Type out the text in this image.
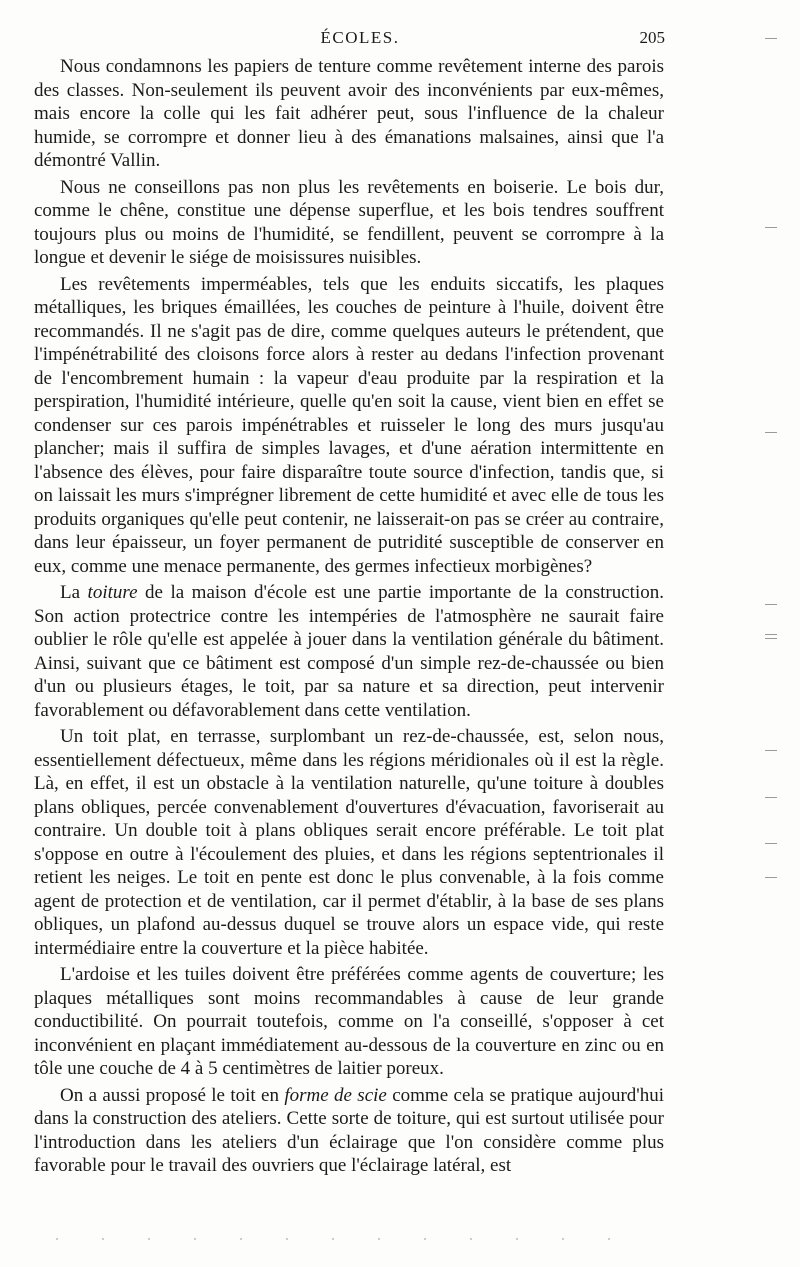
ÉCOLES.	205

Nous condamnons les papiers de tenture comme revêtement interne des parois des classes. Non-seulement ils peuvent avoir des inconvénients par eux-mêmes, mais encore la colle qui les fait adhérer peut, sous l'influence de la chaleur humide, se corrompre et donner lieu à des émanations malsaines, ainsi que l'a démontré Vallin.

Nous ne conseillons pas non plus les revêtements en boiserie. Le bois dur, comme le chêne, constitue une dépense superflue, et les bois tendres souffrent toujours plus ou moins de l'humidité, se fendillent, peuvent se corrompre à la longue et devenir le siége de moisissures nuisibles.

Les revêtements imperméables, tels que les enduits siccatifs, les plaques métalliques, les briques émaillées, les couches de peinture à l'huile, doivent être recommandés. Il ne s'agit pas de dire, comme quelques auteurs le prétendent, que l'impénétrabilité des cloisons force alors à rester au dedans l'infection provenant de l'encombrement humain : la vapeur d'eau produite par la respiration et la perspiration, l'humidité intérieure, quelle qu'en soit la cause, vient bien en effet se condenser sur ces parois impénétrables et ruisseler le long des murs jusqu'au plancher; mais il suffira de simples lavages, et d'une aération intermittente en l'absence des élèves, pour faire disparaître toute source d'infection, tandis que, si on laissait les murs s'imprégner librement de cette humidité et avec elle de tous les produits organiques qu'elle peut contenir, ne laisserait-on pas se créer au contraire, dans leur épaisseur, un foyer permanent de putridité susceptible de conserver en eux, comme une menace permanente, des germes infectieux morbigènes?

La toiture de la maison d'école est une partie importante de la construction. Son action protectrice contre les intempéries de l'atmosphère ne saurait faire oublier le rôle qu'elle est appelée à jouer dans la ventilation générale du bâtiment. Ainsi, suivant que ce bâtiment est composé d'un simple rez-de-chaussée ou bien d'un ou plusieurs étages, le toit, par sa nature et sa direction, peut intervenir favorablement ou défavorablement dans cette ventilation.

Un toit plat, en terrasse, surplombant un rez-de-chaussée, est, selon nous, essentiellement défectueux, même dans les régions méridionales où il est la règle. Là, en effet, il est un obstacle à la ventilation naturelle, qu'une toiture à doubles plans obliques, percée convenablement d'ouvertures d'évacuation, favoriserait au contraire. Un double toit à plans obliques serait encore préférable. Le toit plat s'oppose en outre à l'écoulement des pluies, et dans les régions septentrionales il retient les neiges. Le toit en pente est donc le plus convenable, à la fois comme agent de protection et de ventilation, car il permet d'établir, à la base de ses plans obliques, un plafond au-dessus duquel se trouve alors un espace vide, qui reste intermédiaire entre la couverture et la pièce habitée.

L'ardoise et les tuiles doivent être préférées comme agents de couverture; les plaques métalliques sont moins recommandables à cause de leur grande conductibilité. On pourrait toutefois, comme on l'a conseillé, s'opposer à cet inconvénient en plaçant immédiatement au-dessous de la couverture en zinc ou en tôle une couche de 4 à 5 centimètres de laitier poreux.

On a aussi proposé le toit en forme de scie comme cela se pratique aujourd'hui dans la construction des ateliers. Cette sorte de toiture, qui est surtout utilisée pour l'introduction dans les ateliers d'un éclairage que l'on considère comme plus favorable pour le travail des ouvriers que l'éclairage latéral, est
